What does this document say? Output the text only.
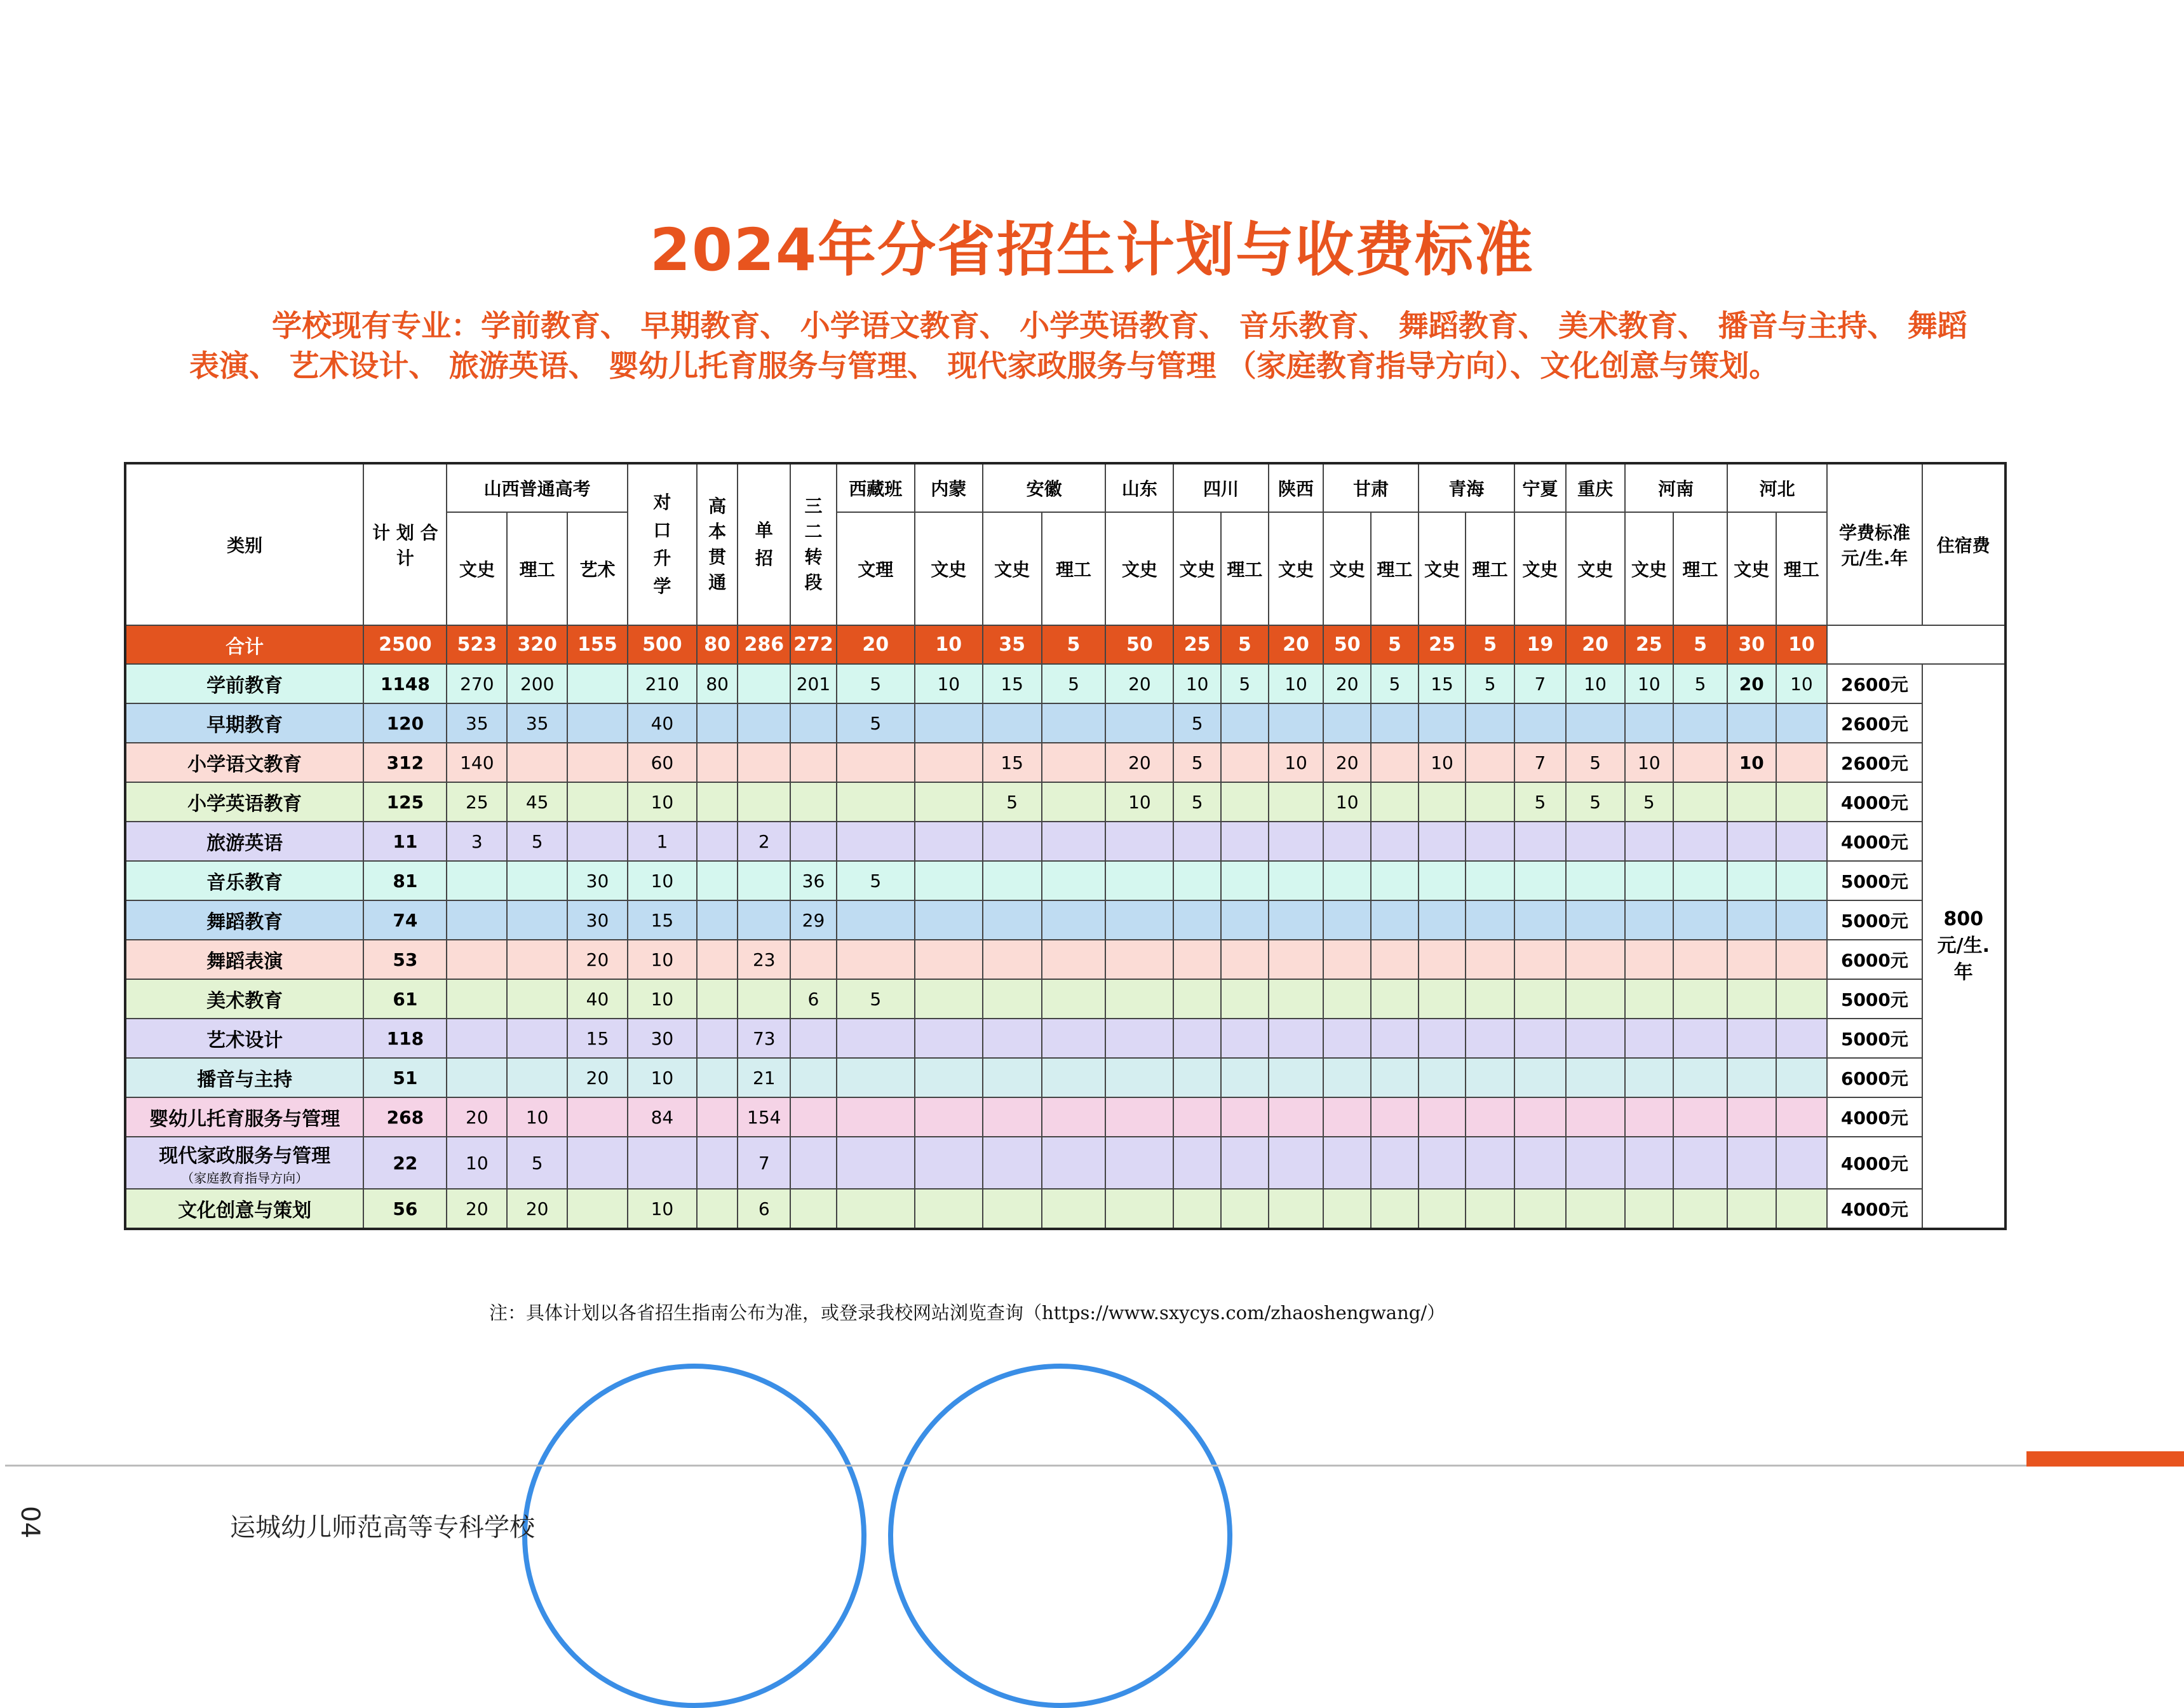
2024年分省招生计划与收费标准
学校现有专业：学前教育、 早期教育、 小学语文教育、 小学英语教育、 音乐教育、 舞蹈教育、 美术教育、 播音与主持、 舞蹈表演、 艺术设计、 旅游英语、 婴幼儿托育服务与管理、 现代家政服务与管理 （家庭教育指导方向）、文化创意与策划。
类别	计 划 合 计	山西普通高考			对口升学	高本贯通	单招	三二转段	西藏班	内蒙	安徽		山东	四川		陕西	甘肃		青海		宁夏	重庆	河南		河北		学费标准元/生.年	住宿费
		文史	理工	艺术					文理	文史	文史	理工	文史	文史	理工	文史	文史	理工	文史	理工	文史	文史	文史	理工	文史	理工		
合计	2500	523	320	155	500	80	286	272	20	10	35	5	50	25	5	20	50	5	25	5	19	20	25	5	30	10		
学前教育	1148	270	200		210	80		201	5	10	15	5	20	10	5	10	20	5	15	5	7	10	10	5	20	10	2600元	800元/生.年
早期教育	120	35	35		40				5					5													2600元	
小学语文教育	312	140			60						15		20	5		10	20		10		7	5	10		10		2600元	
小学英语教育	125	25	45		10						5		10	5			10				5	5	5				4000元	
旅游英语	11	3	5		1		2																				4000元	
音乐教育	81			30	10			36	5																		5000元	
舞蹈教育	74			30	15			29																			5000元	
舞蹈表演	53			20	10		23																				6000元	
美术教育	61			40	10			6	5																		5000元	
艺术设计	118			15	30		73																				5000元	
播音与主持	51			20	10		21																				6000元	
婴幼儿托育服务与管理	268	20	10		84		154																				4000元	
现代家政服务与管理
（家庭教育指导方向）	22	10	5				7																				4000元	
文化创意与策划	56	20	20		10		6																				4000元	
注：具体计划以各省招生指南公布为准，或登录我校网站浏览查询（https://www.sxycys.com/zhaoshengwang/）
04	运城幼儿师范高等专科学校
